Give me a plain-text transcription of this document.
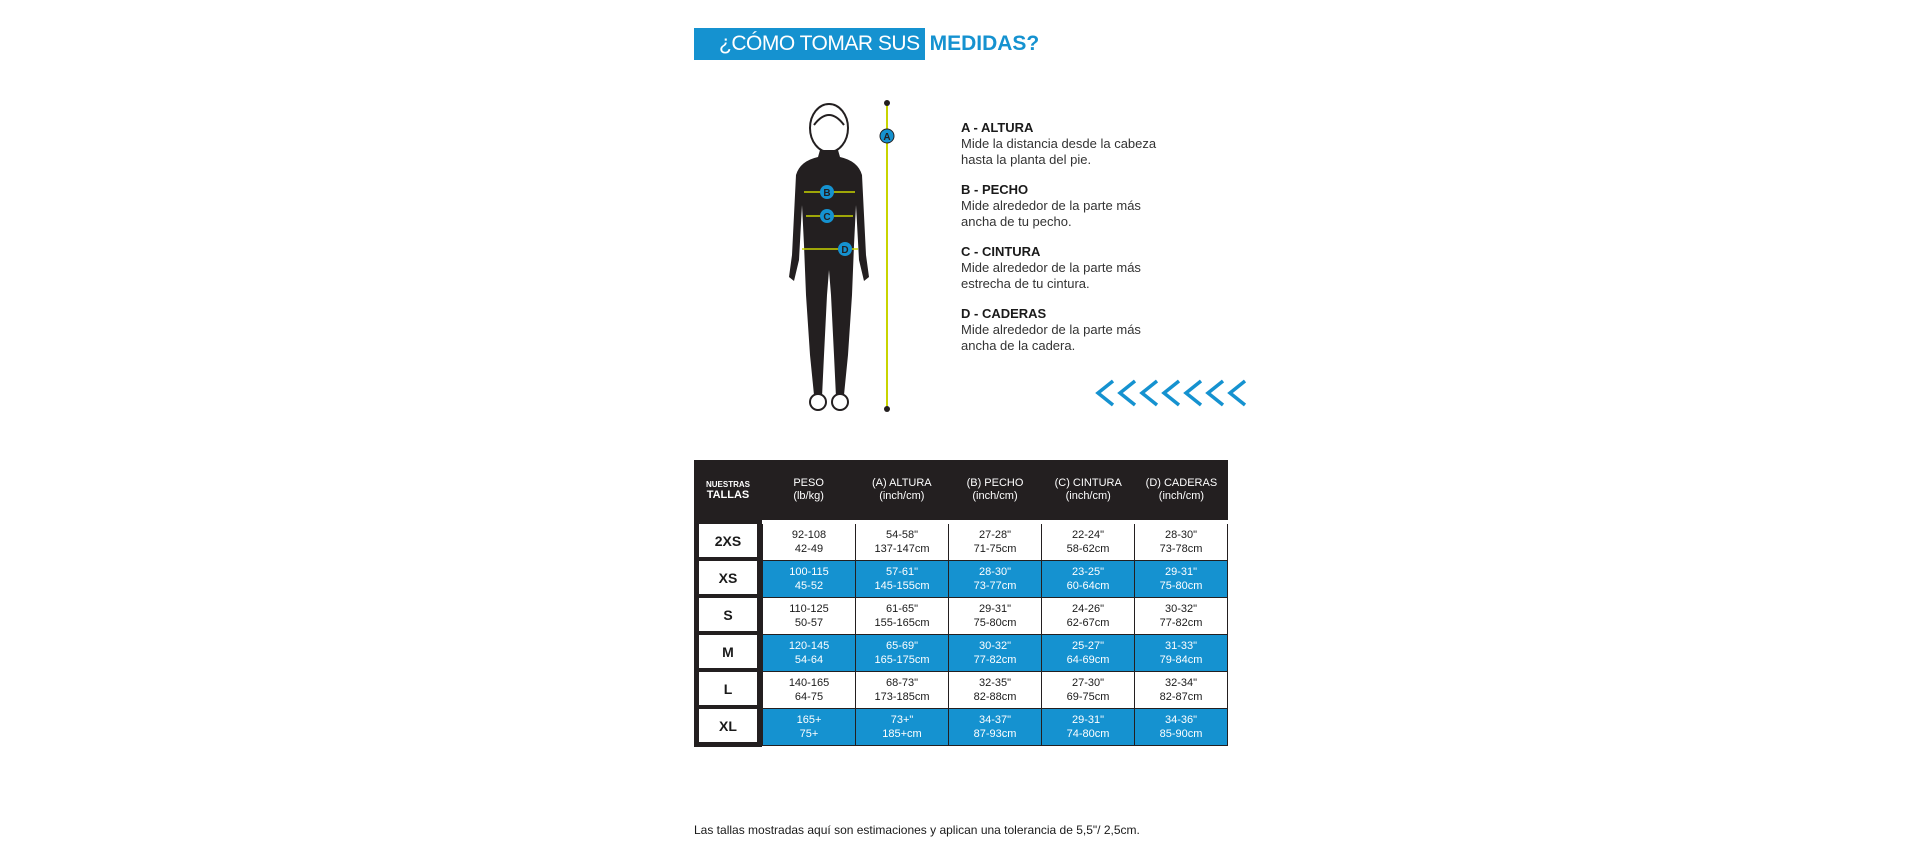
¿CÓMO TOMAR SUS MEDIDAS?
A
B
C
D
A - ALTURA
Mide la distancia desde la cabeza
hasta la planta del pie.
B - PECHO
Mide alrededor de la parte más
ancha de tu pecho.
C - CINTURA
Mide alrededor de la parte más
estrecha de tu cintura.
D - CADERAS
Mide alrededor de la parte más
ancha de la cadera.
NUESTRAS
TALLAS
PESO
(lb/kg)
(A) ALTURA
(inch/cm)
(B) PECHO
(inch/cm)
(C) CINTURA
(inch/cm)
(D) CADERAS
(inch/cm)
2XS
XS
S
M
L
XL
92-108
42-49
54-58"
137-147cm
27-28"
71-75cm
22-24"
58-62cm
28-30"
73-78cm
100-115
45-52
57-61"
145-155cm
28-30"
73-77cm
23-25"
60-64cm
29-31"
75-80cm
110-125
50-57
61-65"
155-165cm
29-31"
75-80cm
24-26"
62-67cm
30-32"
77-82cm
120-145
54-64
65-69"
165-175cm
30-32"
77-82cm
25-27"
64-69cm
31-33"
79-84cm
140-165
64-75
68-73"
173-185cm
32-35"
82-88cm
27-30"
69-75cm
32-34"
82-87cm
165+
75+
73+"
185+cm
34-37"
87-93cm
29-31"
74-80cm
34-36"
85-90cm
Las tallas mostradas aquí son estimaciones y aplican una tolerancia de 5,5"/ 2,5cm.
